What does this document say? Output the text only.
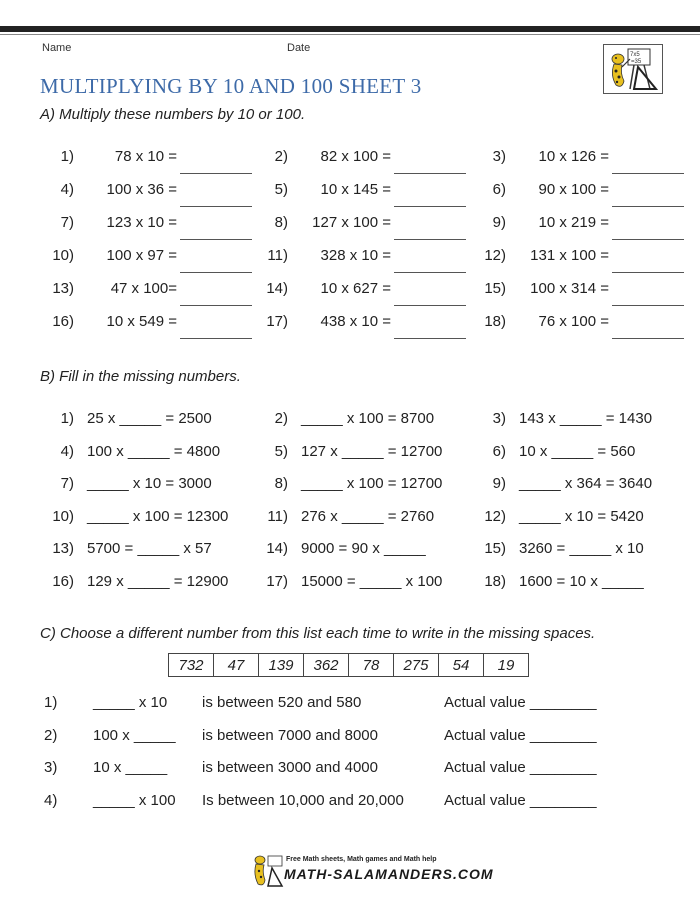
Name	Date
7x5
=35
MULTIPLYING BY 10 AND 100 SHEET 3
A) Multiply these numbers by 10 or 100.
1)	78 x 10 =	2)	82 x 100 =	3)	10 x 126 =
4)	100 x 36 =	5)	10 x 145 =	6)	90 x 100 =
7)	123 x 10 =	8)	127 x 100 =	9)	10 x 219 =
10)	100 x 97 =	11)	328 x 10 =	12)	131 x 100 =
13)	47 x 100=	14)	10 x 627 =	15)	100 x 314 =
16)	10 x 549 =	17)	438 x 10 =	18)	76 x 100 =
B) Fill in the missing numbers.
1) 25 x _____ = 2500	2) _____ x 100 = 8700	3) 143 x _____ = 1430
4) 100 x _____ = 4800	5) 127 x _____ = 12700	6) 10 x _____ = 560
7) _____ x 10 = 3000	8) _____ x 100 = 12700	9) _____ x 364 = 3640
10) _____ x 100 = 12300	11) 276 x _____ = 2760	12) _____ x 10 = 5420
13) 5700 = _____ x 57	14) 9000 = 90 x _____	15) 3260 = _____ x 10
16) 129 x _____ = 12900	17) 15000 = _____ x 100	18) 1600 = 10 x _____
C) Choose a different number from this list each time to write in the missing spaces.
732	47	139	362	78	275	54	19
1) _____ x 10 is between 520 and 580	Actual value ________
2) 100 x _____ is between 7000 and 8000	Actual value ________
3) 10 x _____ is between 3000 and 4000	Actual value ________
4) _____ x 100 Is between 10,000 and 20,000	Actual value ________
Free Math sheets, Math games and Math help
MATH-SALAMANDERS.COM
